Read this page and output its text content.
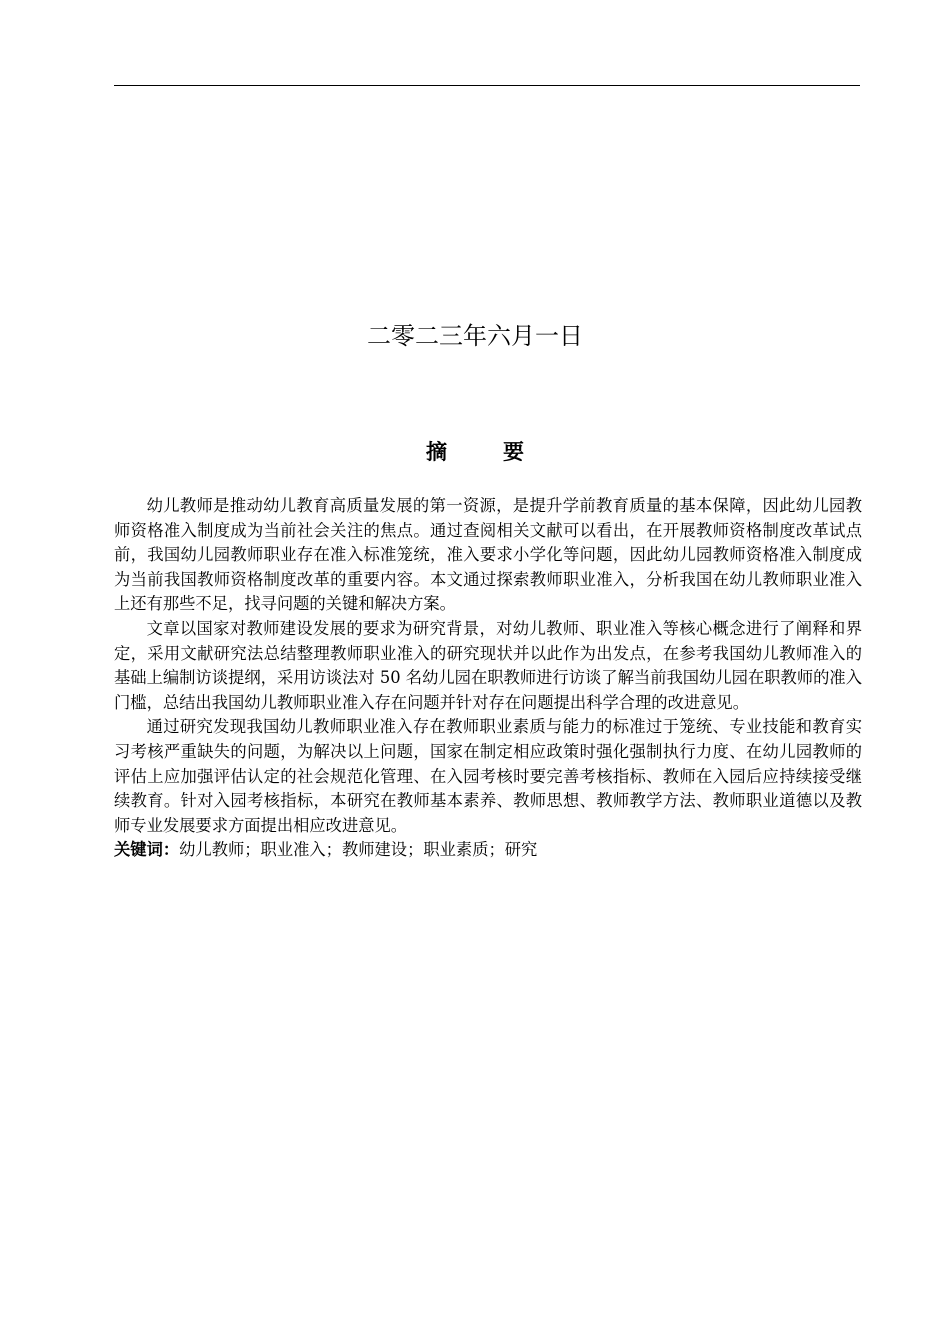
二零二三年六月一日
摘	要

幼儿教师是推动幼儿教育高质量发展的第一资源，是提升学前教育质量的基本保障，因此幼儿园教师资格准入制度成为当前社会关注的焦点。通过查阅相关文献可以看出，在开展教师资格制度改革试点前，我国幼儿园教师职业存在准入标准笼统，准入要求小学化等问题，因此幼儿园教师资格准入制度成为当前我国教师资格制度改革的重要内容。本文通过探索教师职业准入，分析我国在幼儿教师职业准入上还有那些不足，找寻问题的关键和解决方案。

文章以国家对教师建设发展的要求为研究背景，对幼儿教师、职业准入等核心概念进行了阐释和界定，采用文献研究法总结整理教师职业准入的研究现状并以此作为出发点，在参考我国幼儿教师准入的基础上编制访谈提纲，采用访谈法对 50 名幼儿园在职教师进行访谈了解当前我国幼儿园在职教师的准入门槛，总结出我国幼儿教师职业准入存在问题并针对存在问题提出科学合理的改进意见。

通过研究发现我国幼儿教师职业准入存在教师职业素质与能力的标准过于笼统、专业技能和教育实习考核严重缺失的问题，为解决以上问题，国家在制定相应政策时强化强制执行力度、在幼儿园教师的评估上应加强评估认定的社会规范化管理、在入园考核时要完善考核指标、教师在入园后应持续接受继续教育。针对入园考核指标，本研究在教师基本素养、教师思想、教师教学方法、教师职业道德以及教师专业发展要求方面提出相应改进意见。

关键词：幼儿教师；职业准入；教师建设；职业素质；研究
